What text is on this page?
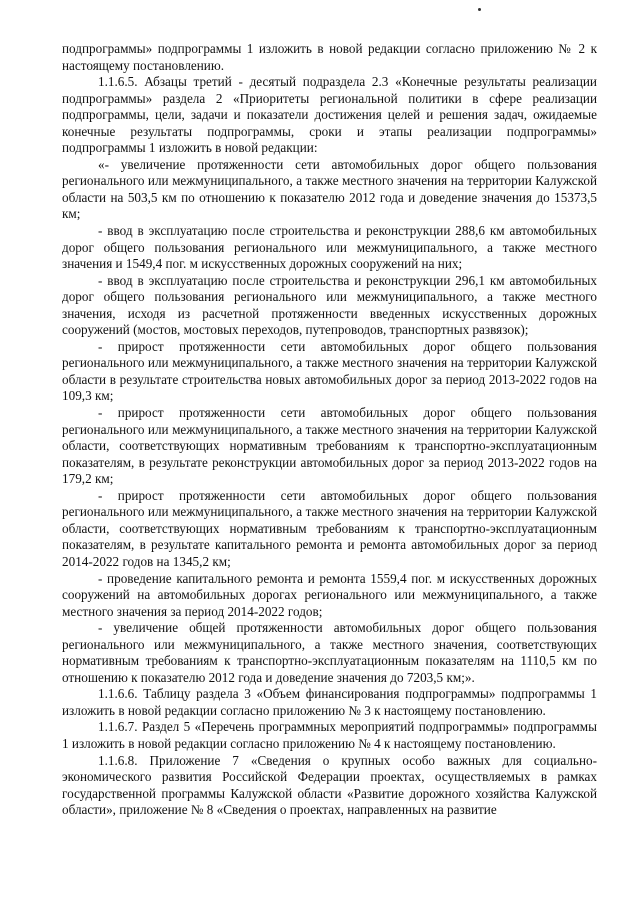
подпрограммы» подпрограммы 1 изложить в новой редакции согласно приложению № 2 к настоящему постановлению.

1.1.6.5. Абзацы третий - десятый подраздела 2.3 «Конечные результаты реализации подпрограммы» раздела 2 «Приоритеты региональной политики в сфере реализации подпрограммы, цели, задачи и показатели достижения целей и решения задач, ожидаемые конечные результаты подпрограммы, сроки и этапы реализации подпрограммы» подпрограммы 1 изложить в новой редакции:

«- увеличение протяженности сети автомобильных дорог общего пользования регионального или межмуниципального, а также местного значения на территории Калужской области на 503,5 км по отношению к показателю 2012 года и доведение значения до 15373,5 км;

- ввод в эксплуатацию после строительства и реконструкции 288,6 км автомобильных дорог общего пользования регионального или межмуниципального, а также местного значения и 1549,4 пог. м искусственных дорожных сооружений на них;

- ввод в эксплуатацию после строительства и реконструкции 296,1 км автомобильных дорог общего пользования регионального или межмуниципального, а также местного значения, исходя из расчетной протяженности введенных искусственных дорожных сооружений (мостов, мостовых переходов, путепроводов, транспортных развязок);

- прирост протяженности сети автомобильных дорог общего пользования регионального или межмуниципального, а также местного значения на территории Калужской области в результате строительства новых автомобильных дорог за период 2013-2022 годов на 109,3 км;

- прирост протяженности сети автомобильных дорог общего пользования регионального или межмуниципального, а также местного значения на территории Калужской области, соответствующих нормативным требованиям к транспортно-эксплуатационным показателям, в результате реконструкции автомобильных дорог за период 2013-2022 годов на 179,2 км;

- прирост протяженности сети автомобильных дорог общего пользования регионального или межмуниципального, а также местного значения на территории Калужской области, соответствующих нормативным требованиям к транспортно-эксплуатационным показателям, в результате капитального ремонта и ремонта автомобильных дорог за период 2014-2022 годов на 1345,2 км;

- проведение капитального ремонта и ремонта 1559,4 пог. м искусственных дорожных сооружений на автомобильных дорогах регионального или межмуниципального, а также местного значения за период 2014-2022 годов;

- увеличение общей протяженности автомобильных дорог общего пользования регионального или межмуниципального, а также местного значения, соответствующих нормативным требованиям к транспортно-эксплуатационным показателям на 1110,5 км по отношению к показателю 2012 года и доведение значения до 7203,5 км;».

1.1.6.6. Таблицу раздела 3 «Объем финансирования подпрограммы» подпрограммы 1 изложить в новой редакции согласно приложению № 3 к настоящему постановлению.

1.1.6.7. Раздел 5 «Перечень программных мероприятий подпрограммы» подпрограммы 1 изложить в новой редакции согласно приложению № 4 к настоящему постановлению.

1.1.6.8. Приложение 7 «Сведения о крупных особо важных для социально-экономического развития Российской Федерации проектах, осуществляемых в рамках государственной программы Калужской области «Развитие дорожного хозяйства Калужской области», приложение № 8 «Сведения о проектах, направленных на развитие
